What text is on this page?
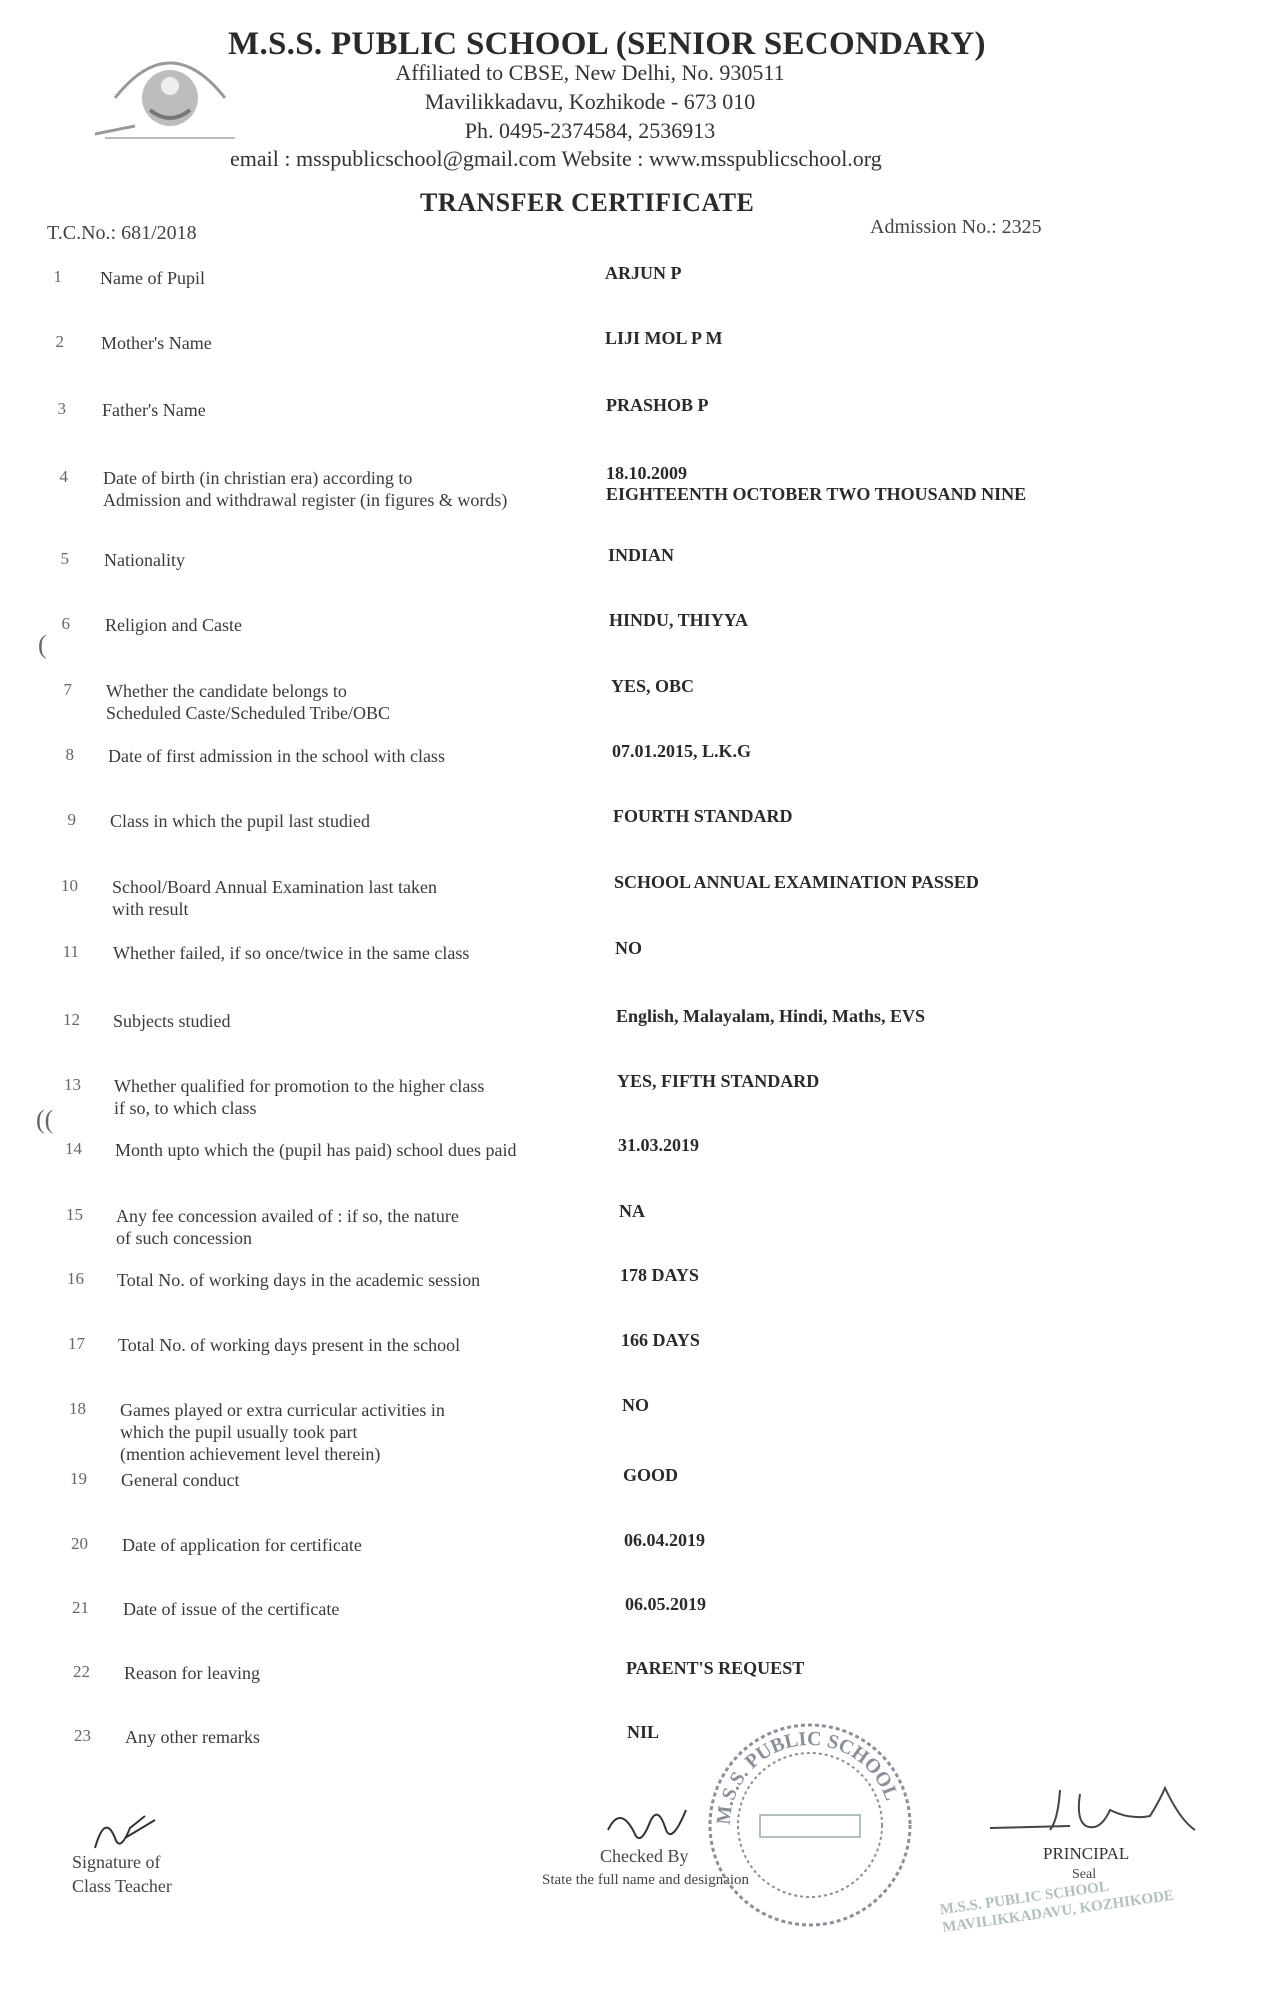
M.S.S. PUBLIC SCHOOL (SENIOR SECONDARY)
Affiliated to CBSE, New Delhi, No. 930511
Mavilikkadavu, Kozhikode - 673 010
Ph. 0495-2374584, 2536913
email : msspublicschool@gmail.com Website : www.msspublicschool.org
TRANSFER CERTIFICATE
T.C.No.: 681/2018	Admission No.: 2325
1 Name of Pupil	ARJUN P
2 Mother's Name	LIJI MOL P M
3 Father's Name	PRASHOB P
4 Date of birth (in christian era) according to
Admission and withdrawal register (in figures & words)
18.10.2009
EIGHTEENTH OCTOBER TWO THOUSAND NINE
5 Nationality	INDIAN
6 Religion and Caste	HINDU, THIYYA
7 Whether the candidate belongs to
Scheduled Caste/Scheduled Tribe/OBC
YES, OBC
8 Date of first admission in the school with class	07.01.2015, L.K.G
9 Class in which the pupil last studied	FOURTH STANDARD
10 School/Board Annual Examination last taken
with result
SCHOOL ANNUAL EXAMINATION PASSED
11 Whether failed, if so once/twice in the same class	NO
12 Subjects studied	English, Malayalam, Hindi, Maths, EVS
13 Whether qualified for promotion to the higher class
if so, to which class
YES, FIFTH STANDARD
14 Month upto which the (pupil has paid) school dues paid	31.03.2019
15 Any fee concession availed of : if so, the nature
of such concession
NA
16 Total No. of working days in the academic session	178 DAYS
17 Total No. of working days present in the school	166 DAYS
18 Games played or extra curricular activities in
which the pupil usually took part
(mention achievement level therein)
NO
19 General conduct	GOOD
20 Date of application for certificate	06.04.2019
21 Date of issue of the certificate	06.05.2019
22 Reason for leaving	PARENT'S REQUEST
23 Any other remarks	NIL
(
((
Signature of
Class Teacher
Checked By
State the full name and designaion
M.S.S. PUBLIC SCHOOL
PRINCIPAL
Seal
M.S.S. PUBLIC SCHOOL
MAVILIKKADAVU, KOZHIKODE
